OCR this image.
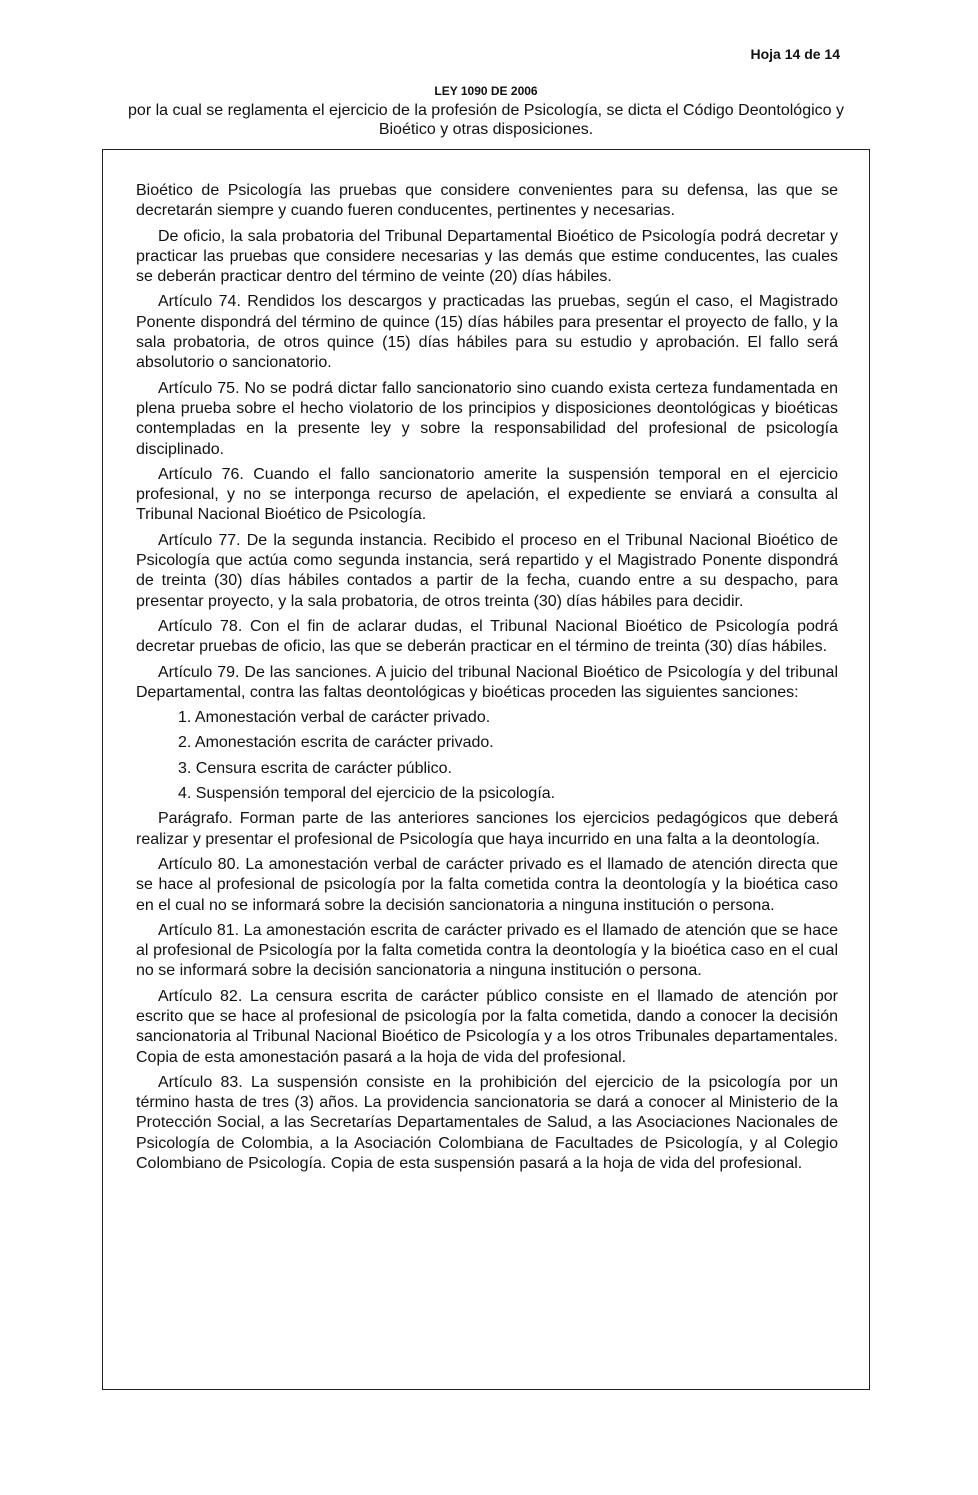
Hoja 14 de 14
LEY 1090 DE 2006
por la cual se reglamenta el ejercicio de la profesión de Psicología, se dicta el Código Deontológico y Bioético y otras disposiciones.

Bioético de Psicología las pruebas que considere convenientes para su defensa, las que se decretarán siempre y cuando fueren conducentes, pertinentes y necesarias.

De oficio, la sala probatoria del Tribunal Departamental Bioético de Psicología podrá decretar y practicar las pruebas que considere necesarias y las demás que estime conducentes, las cuales se deberán practicar dentro del término de veinte (20) días hábiles.

Artículo 74. Rendidos los descargos y practicadas las pruebas, según el caso, el Magistrado Ponente dispondrá del término de quince (15) días hábiles para presentar el proyecto de fallo, y la sala probatoria, de otros quince (15) días hábiles para su estudio y aprobación. El fallo será absolutorio o sancionatorio.

Artículo 75. No se podrá dictar fallo sancionatorio sino cuando exista certeza fundamentada en plena prueba sobre el hecho violatorio de los principios y disposiciones deontológicas y bioéticas contempladas en la presente ley y sobre la responsabilidad del profesional de psicología disciplinado.

Artículo 76. Cuando el fallo sancionatorio amerite la suspensión temporal en el ejercicio profesional, y no se interponga recurso de apelación, el expediente se enviará a consulta al Tribunal Nacional Bioético de Psicología.

Artículo 77. De la segunda instancia. Recibido el proceso en el Tribunal Nacional Bioético de Psicología que actúa como segunda instancia, será repartido y el Magistrado Ponente dispondrá de treinta (30) días hábiles contados a partir de la fecha, cuando entre a su despacho, para presentar proyecto, y la sala probatoria, de otros treinta (30) días hábiles para decidir.

Artículo 78. Con el fin de aclarar dudas, el Tribunal Nacional Bioético de Psicología podrá decretar pruebas de oficio, las que se deberán practicar en el término de treinta (30) días hábiles.

Artículo 79. De las sanciones. A juicio del tribunal Nacional Bioético de Psicología y del tribunal Departamental, contra las faltas deontológicas y bioéticas proceden las siguientes sanciones:

1. Amonestación verbal de carácter privado.
2. Amonestación escrita de carácter privado.
3. Censura escrita de carácter público.
4. Suspensión temporal del ejercicio de la psicología.

Parágrafo. Forman parte de las anteriores sanciones los ejercicios pedagógicos que deberá realizar y presentar el profesional de Psicología que haya incurrido en una falta a la deontología.

Artículo 80. La amonestación verbal de carácter privado es el llamado de atención directa que se hace al profesional de psicología por la falta cometida contra la deontología y la bioética caso en el cual no se informará sobre la decisión sancionatoria a ninguna institución o persona.

Artículo 81. La amonestación escrita de carácter privado es el llamado de atención que se hace al profesional de Psicología por la falta cometida contra la deontología y la bioética caso en el cual no se informará sobre la decisión sancionatoria a ninguna institución o persona.

Artículo 82. La censura escrita de carácter público consiste en el llamado de atención por escrito que se hace al profesional de psicología por la falta cometida, dando a conocer la decisión sancionatoria al Tribunal Nacional Bioético de Psicología y a los otros Tribunales departamentales. Copia de esta amonestación pasará a la hoja de vida del profesional.

Artículo 83. La suspensión consiste en la prohibición del ejercicio de la psicología por un término hasta de tres (3) años. La providencia sancionatoria se dará a conocer al Ministerio de la Protección Social, a las Secretarías Departamentales de Salud, a las Asociaciones Nacionales de Psicología de Colombia, a la Asociación Colombiana de Facultades de Psicología, y al Colegio Colombiano de Psicología. Copia de esta suspensión pasará a la hoja de vida del profesional.
